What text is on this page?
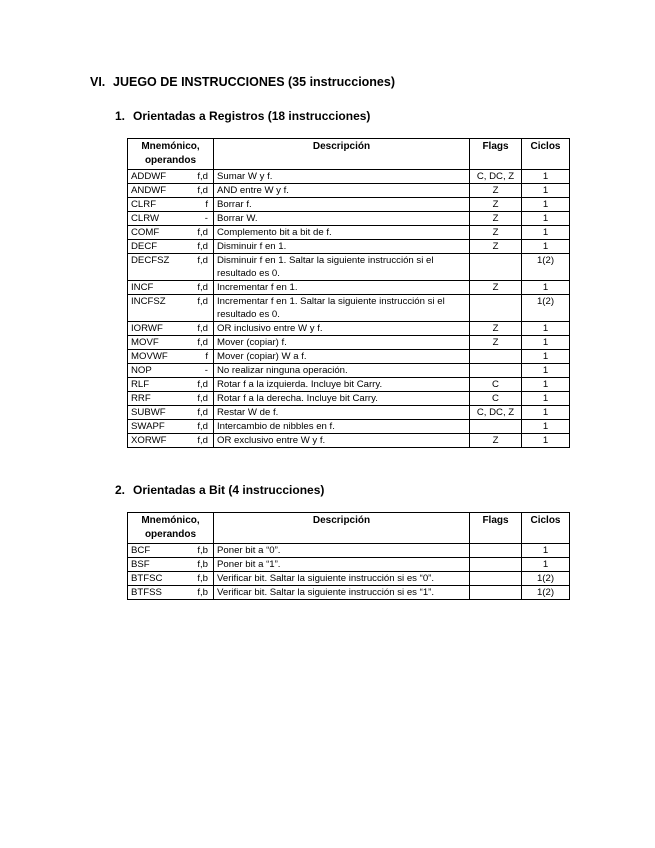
VI. JUEGO DE INSTRUCCIONES (35 instrucciones)
1. Orientadas a Registros (18 instrucciones)
Mnemónico,
operandos	Descripción	Flags	Ciclos

ADDWF f,d	Sumar W y f.	C, DC, Z	1

ANDWF f,d	AND entre W y f.	Z	1

CLRF f	Borrar f.	Z	1

CLRW -	Borrar W.	Z	1

COMF f,d	Complemento bit a bit de f.	Z	1

DECF f,d	Disminuir f en 1.	Z	1

DECFSZ f,d	Disminuir f en 1. Saltar la siguiente instrucción si el resultado es 0.		1(2)

INCF f,d	Incrementar f en 1.	Z	1

INCFSZ f,d	Incrementar f en 1. Saltar la siguiente instrucción si el resultado es 0.		1(2)

IORWF f,d	OR inclusivo entre W y f.	Z	1

MOVF f,d	Mover (copiar) f.	Z	1

MOVWF f	Mover (copiar) W a f.		1

NOP -	No realizar ninguna operación.		1

RLF f,d	Rotar f a la izquierda. Incluye bit Carry.	C	1

RRF f,d	Rotar f a la derecha. Incluye bit Carry.	C	1

SUBWF f,d	Restar W de f.	C, DC, Z	1

SWAPF f,d	Intercambio de nibbles en f.		1

XORWF f,d	OR exclusivo entre W y f.	Z	1
2. Orientadas a Bit (4 instrucciones)
Mnemónico,
operandos	Descripción	Flags	Ciclos

BCF f,b	Poner bit a “0”.		1

BSF f,b	Poner bit a “1”.		1

BTFSC f,b	Verificar bit. Saltar la siguiente instrucción si es “0”.		1(2)

BTFSS f,b	Verificar bit. Saltar la siguiente instrucción si es “1”.		1(2)
